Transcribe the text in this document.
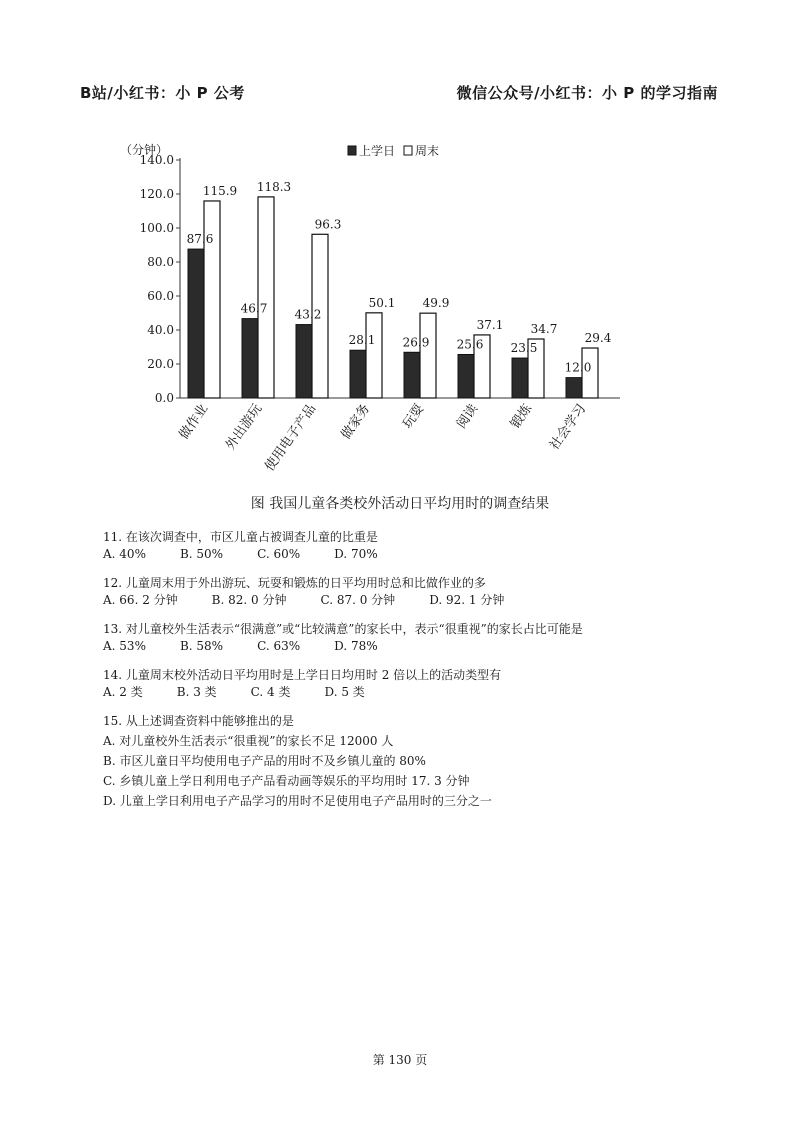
B站/小红书：小 P 公考	微信公众号/小红书：小 P 的学习指南
（分钟）
0.0
20.0
40.0
60.0
80.0
100.0
120.0
140.0
87.6
115.9
做作业
46.7
118.3
外出游玩
43.2
96.3
使用电子产品
28.1
50.1
做家务
26.9
49.9
玩耍
25.6
37.1
阅读
23.5
34.7
锻炼
12.0
29.4
社会学习
上学日 周末
图 我国儿童各类校外活动日平均用时的调查结果
11. 在该次调查中，市区儿童占被调查儿童的比重是
A. 40%	B. 50%	C. 60%	D. 70%
12. 儿童周末用于外出游玩、玩耍和锻炼的日平均用时总和比做作业的多
A. 66. 2 分钟	B. 82. 0 分钟	C. 87. 0 分钟	D. 92. 1 分钟
13. 对儿童校外生活表示“很满意”或“比较满意”的家长中，表示“很重视”的家长占比可能是
A. 53%	B. 58%	C. 63%	D. 78%
14. 儿童周末校外活动日平均用时是上学日日均用时 2 倍以上的活动类型有
A. 2 类	B. 3 类	C. 4 类	D. 5 类
15. 从上述调查资料中能够推出的是
A. 对儿童校外生活表示“很重视”的家长不足 12000 人
B. 市区儿童日平均使用电子产品的用时不及乡镇儿童的 80%
C. 乡镇儿童上学日利用电子产品看动画等娱乐的平均用时 17. 3 分钟
D. 儿童上学日利用电子产品学习的用时不足使用电子产品用时的三分之一
第 130 页
